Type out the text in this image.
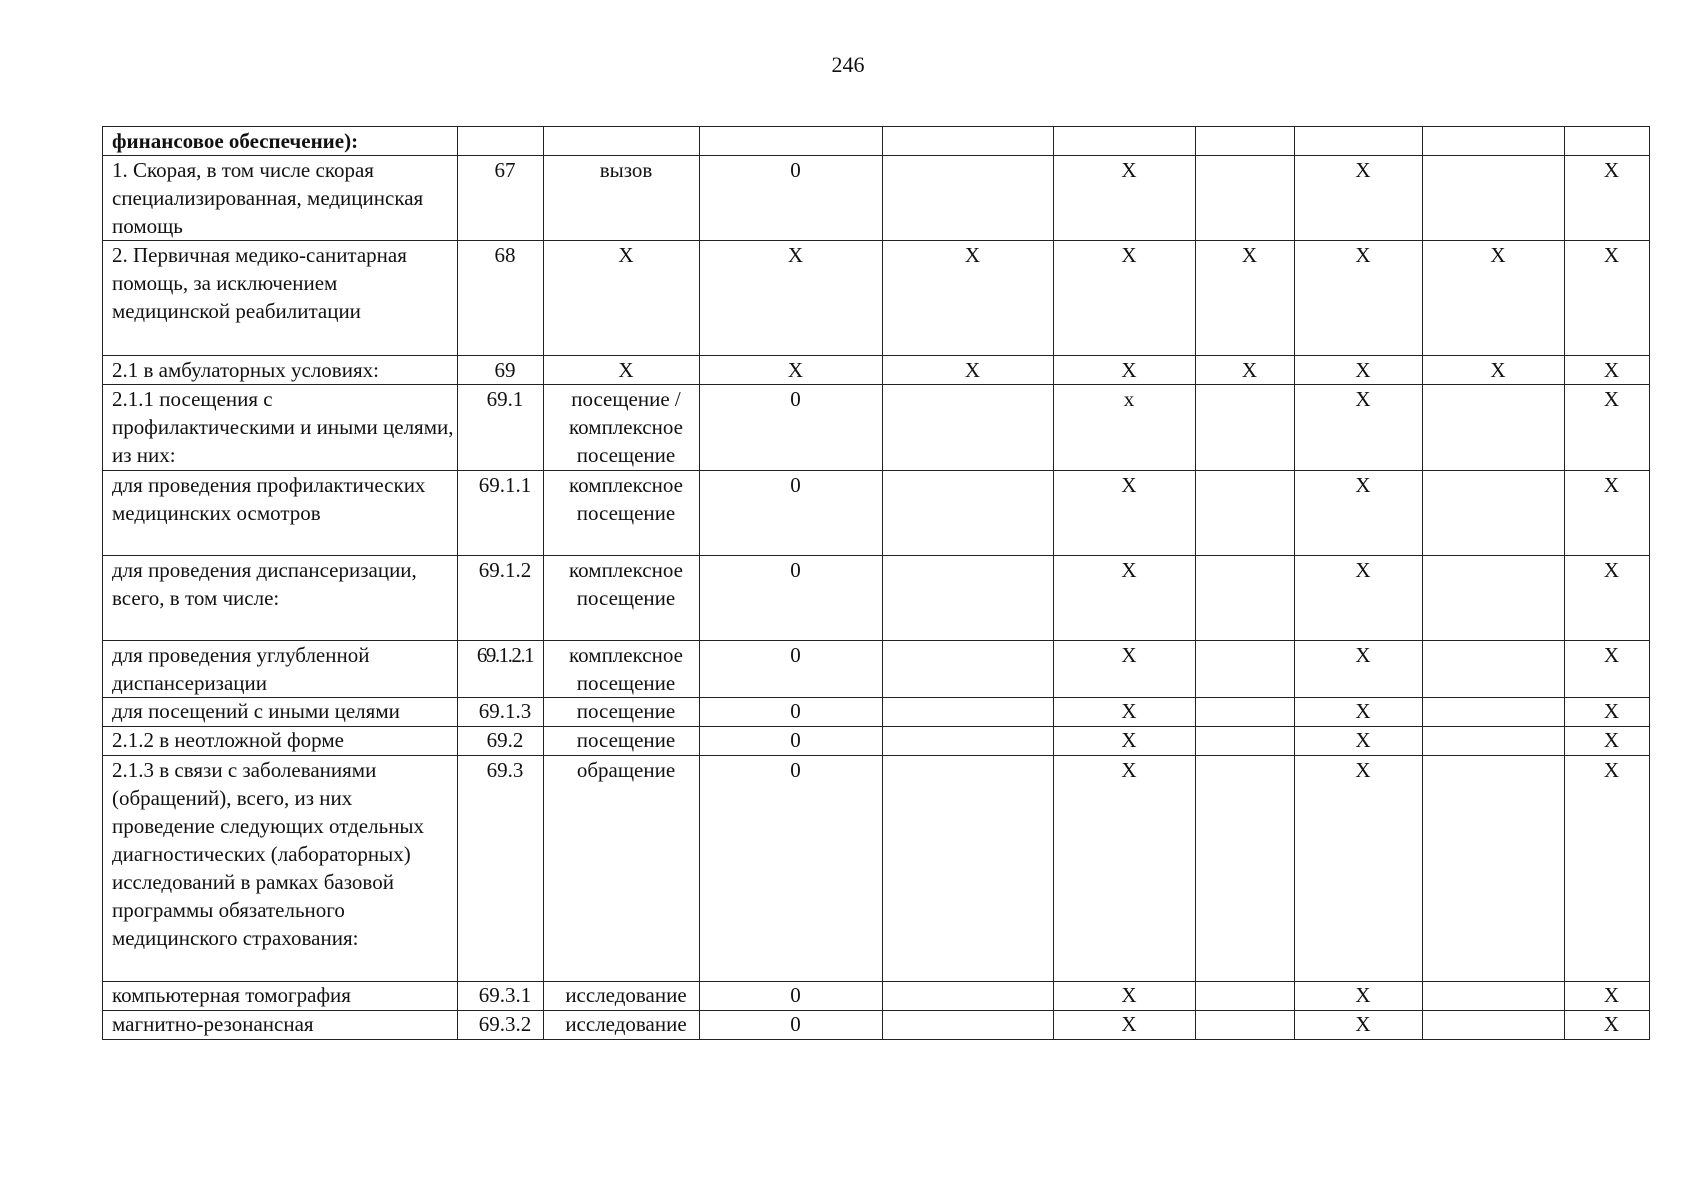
246
финансовое обеспечение):									
1. Скорая, в том числе скорая специализированная, медицинская помощь	67	вызов	0		X		X		X
2. Первичная медико-санитарная помощь, за исключением медицинской реабилитации	68	X	X	X	X	X	X	X	X
2.1 в амбулаторных условиях:	69	X	X	X	X	X	X	X	X
2.1.1 посещения с профилактическими и иными целями, из них:	69.1	посещение / комплексное посещение	0		x		X		X
для проведения профилактических медицинских осмотров	69.1.1	комплексное посещение	0		X		X		X
для проведения диспансеризации, всего, в том числе:	69.1.2	комплексное посещение	0		X		X		X
для проведения углубленной диспансеризации	69.1.2.1	комплексное посещение	0		X		X		X
для посещений с иными целями	69.1.3	посещение	0		X		X		X
2.1.2 в неотложной форме	69.2	посещение	0		X		X		X
2.1.3 в связи с заболеваниями (обращений), всего, из них проведение следующих отдельных диагностических (лабораторных) исследований в рамках базовой программы обязательного медицинского страхования:	69.3	обращение	0		X		X		X
компьютерная томография	69.3.1	исследование	0		X		X		X
магнитно-резонансная	69.3.2	исследование	0		X		X		X
